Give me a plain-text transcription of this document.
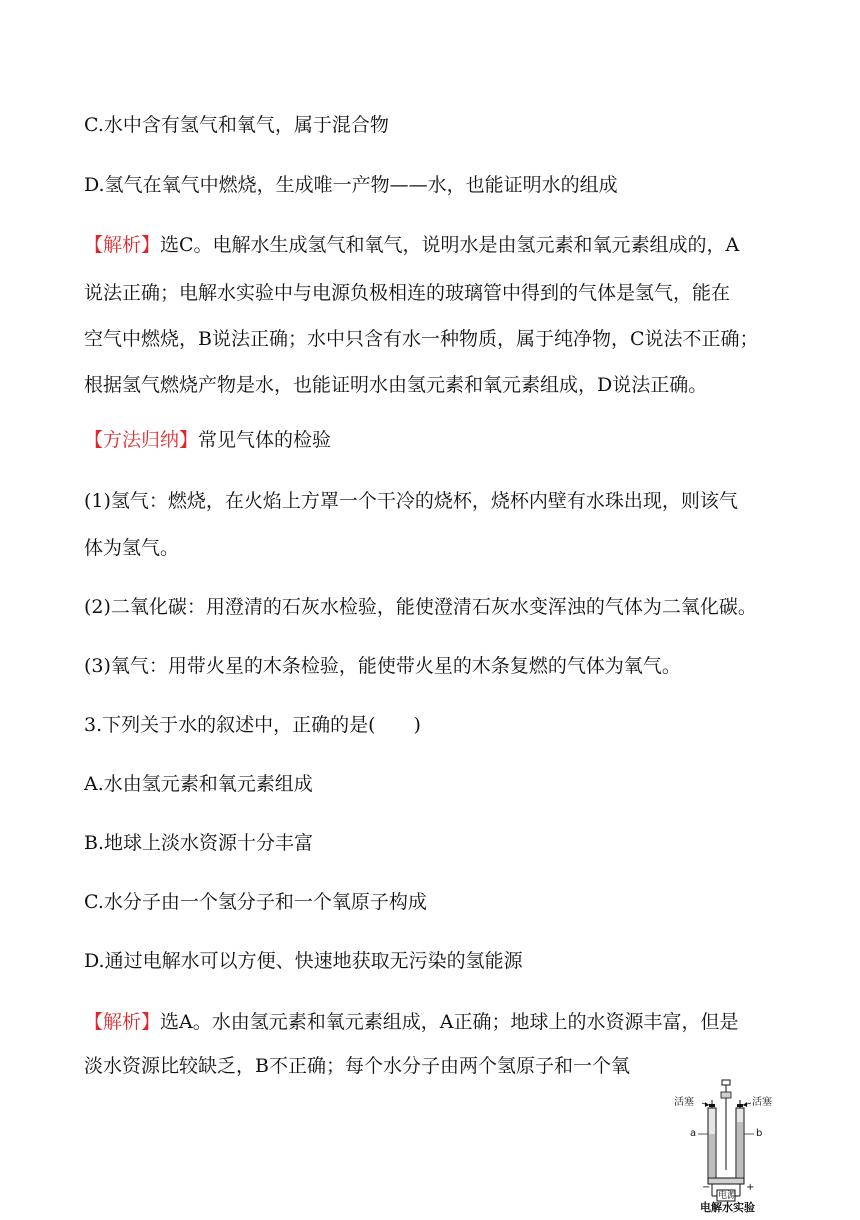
C.水中含有氢气和氧气，属于混合物
D.氢气在氧气中燃烧，生成唯一产物——水，也能证明水的组成
【解析】选C。电解水生成氢气和氧气，说明水是由氢元素和氧元素组成的，A
说法正确；电解水实验中与电源负极相连的玻璃管中得到的气体是氢气，能在
空气中燃烧，B说法正确；水中只含有水一种物质，属于纯净物，C说法不正确；
根据氢气燃烧产物是水，也能证明水由氢元素和氧元素组成，D说法正确。
【方法归纳】常见气体的检验
(1)氢气：燃烧，在火焰上方罩一个干冷的烧杯，烧杯内壁有水珠出现，则该气
体为氢气。
(2)二氧化碳：用澄清的石灰水检验，能使澄清石灰水变浑浊的气体为二氧化碳。
(3)氧气：用带火星的木条检验，能使带火星的木条复燃的气体为氧气。
3.下列关于水的叙述中，正确的是(　　)
A.水由氢元素和氧元素组成
B.地球上淡水资源十分丰富
C.水分子由一个氢分子和一个氧原子构成
D.通过电解水可以方便、快速地获取无污染的氢能源
【解析】选A。水由氢元素和氧元素组成，A正确；地球上的水资源丰富，但是
淡水资源比较缺乏，B不正确；每个水分子由两个氢原子和一个氧
活塞	活塞
a	b
−	+
电源
电解水实验
